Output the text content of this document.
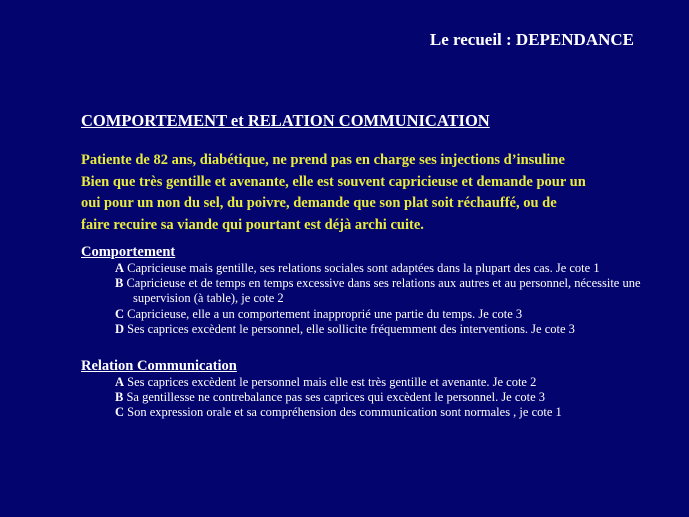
Le recueil : DEPENDANCE
COMPORTEMENT et RELATION COMMUNICATION
Patiente de 82 ans, diabétique, ne prend pas en charge ses injections d’insuline
Bien que très gentille et avenante, elle est souvent capricieuse et demande pour un
oui pour un non du sel, du poivre, demande que son plat soit réchauffé, ou de
faire recuire sa viande qui pourtant est déjà archi cuite.
Comportement
A Capricieuse mais gentille, ses relations sociales sont adaptées dans la plupart des cas. Je cote 1
B Capricieuse et de temps en temps excessive dans ses relations aux autres et au personnel, nécessite une supervision (à table), je cote 2
C Capricieuse, elle a un comportement inapproprié une partie du temps. Je cote 3
D Ses caprices excèdent le personnel, elle sollicite fréquemment des interventions. Je cote 3
Relation Communication
A Ses caprices excèdent le personnel mais elle est très gentille et avenante. Je cote 2
B Sa gentillesse ne contrebalance pas ses caprices qui excèdent le personnel. Je cote 3
C Son expression orale et sa compréhension des communication sont normales , je cote 1
